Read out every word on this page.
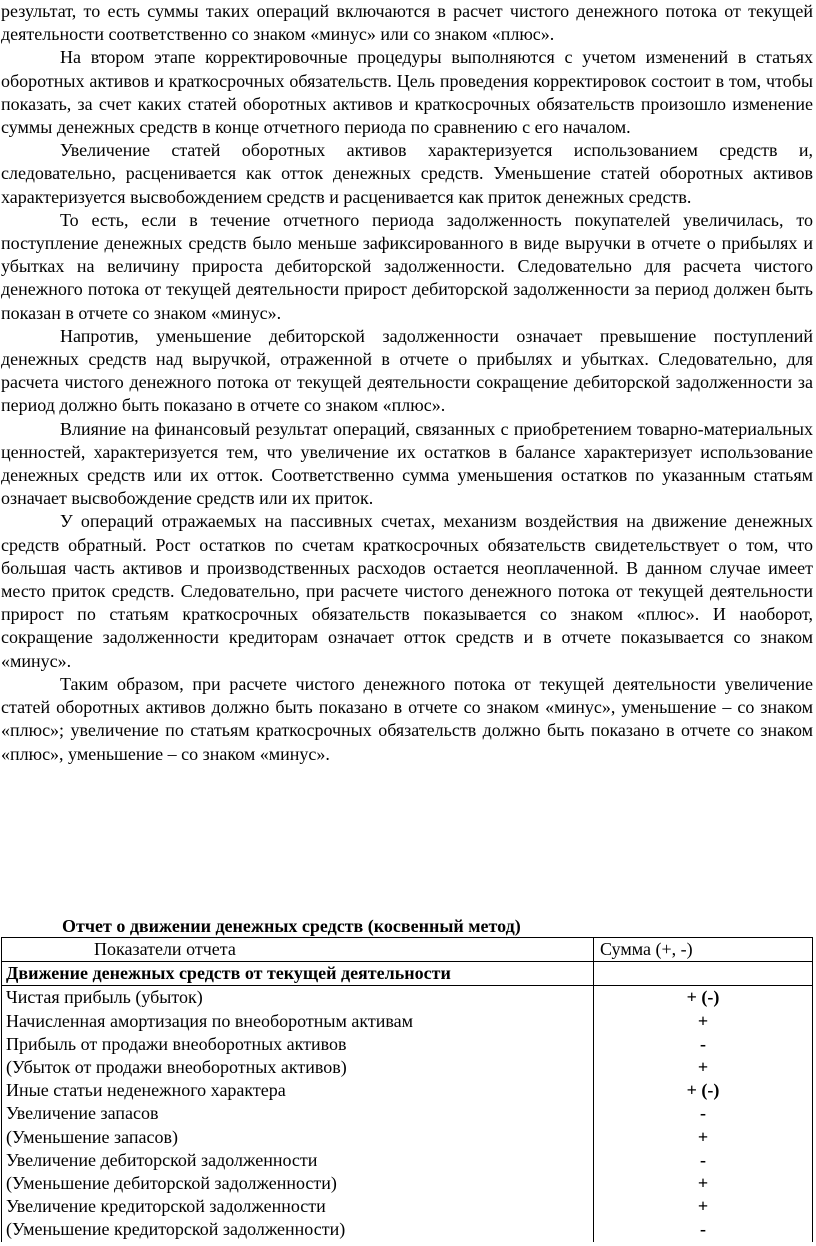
результат, то есть суммы таких операций включаются в расчет чистого денежного потока от текущей деятельности соответственно со знаком «минус» или со знаком «плюс».

На втором этапе корректировочные процедуры выполняются с учетом изменений в статьях оборотных активов и краткосрочных обязательств. Цель проведения корректировок состоит в том, чтобы показать, за счет каких статей оборотных активов и краткосрочных обязательств произошло изменение суммы денежных средств в конце отчетного периода по сравнению с его началом.

Увеличение статей оборотных активов характеризуется использованием средств и, следовательно, расценивается как отток денежных средств. Уменьшение статей оборотных активов характеризуется высвобождением средств и расценивается как приток денежных средств.

То есть, если в течение отчетного периода задолженность покупателей увеличилась, то поступление денежных средств было меньше зафиксированного в виде выручки в отчете о прибылях и убытках на величину прироста дебиторской задолженности. Следовательно для расчета чистого денежного потока от текущей деятельности прирост дебиторской задолженности за период должен быть показан в отчете со знаком «минус».

Напротив, уменьшение дебиторской задолженности означает превышение поступлений денежных средств над выручкой, отраженной в отчете о прибылях и убытках. Следовательно, для расчета чистого денежного потока от текущей деятельности сокращение дебиторской задолженности за период должно быть показано в отчете со знаком «плюс».

Влияние на финансовый результат операций, связанных с приобретением товарно-материальных ценностей, характеризуется тем, что увеличение их остатков в балансе характеризует использование денежных средств или их отток. Соответственно сумма уменьшения остатков по указанным статьям означает высвобождение средств или их приток.

У операций отражаемых на пассивных счетах, механизм воздействия на движение денежных средств обратный. Рост остатков по счетам краткосрочных обязательств свидетельствует о том, что большая часть активов и производственных расходов остается неоплаченной. В данном случае имеет место приток средств. Следовательно, при расчете чистого денежного потока от текущей деятельности прирост по статьям краткосрочных обязательств показывается со знаком «плюс». И наоборот, сокращение задолженности кредиторам означает отток средств и в отчете показывается со знаком «минус».

Таким образом, при расчете чистого денежного потока от текущей деятельности увеличение статей оборотных активов должно быть показано в отчете со знаком «минус», уменьшение – со знаком «плюс»; увеличение по статьям краткосрочных обязательств должно быть показано в отчете со знаком «плюс», уменьшение – со знаком «минус».

Отчет о движении денежных средств (косвенный метод)
Показатели отчета	Сумма (+, -)
Движение денежных средств от текущей деятельности	
Чистая прибыль (убыток)	+ (-)
Начисленная амортизация по внеоборотным активам	+
Прибыль от продажи внеоборотных активов	-
(Убыток от продажи внеоборотных активов)	+
Иные статьи неденежного характера	+ (-)
Увеличение запасов	-
(Уменьшение запасов)	+
Увеличение дебиторской задолженности	-
(Уменьшение дебиторской задолженности)	+
Увеличение кредиторской задолженности	+
(Уменьшение кредиторской задолженности)	-
